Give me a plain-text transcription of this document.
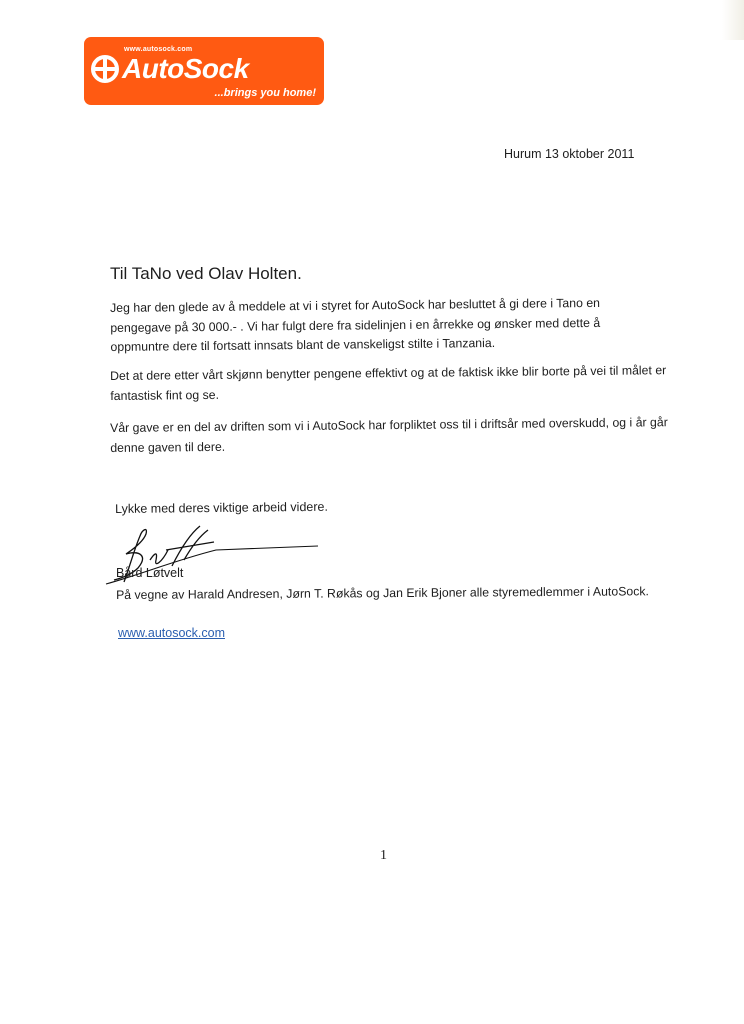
www.autosock.com
AutoSock
...brings you home!
Hurum 13 oktober 2011
Til TaNo ved Olav Holten.

Jeg har den glede av å meddele at vi i styret for AutoSock har besluttet å gi dere i Tano en pengegave på 30 000.- . Vi har fulgt dere fra sidelinjen i en årrekke og ønsker med dette å oppmuntre dere til fortsatt innsats blant de vanskeligst stilte i Tanzania.

Det at dere etter vårt skjønn benytter pengene effektivt og at de faktisk ikke blir borte på vei til målet er fantastisk fint og se.

Vår gave er en del av driften som vi i AutoSock har forpliktet oss til i driftsår med overskudd, og i år går denne gaven til dere.

Lykke med deres viktige arbeid videre.
Bård Løtvelt
På vegne av Harald Andresen, Jørn T. Røkås og Jan Erik Bjoner alle styremedlemmer i AutoSock.
www.autosock.com
1
